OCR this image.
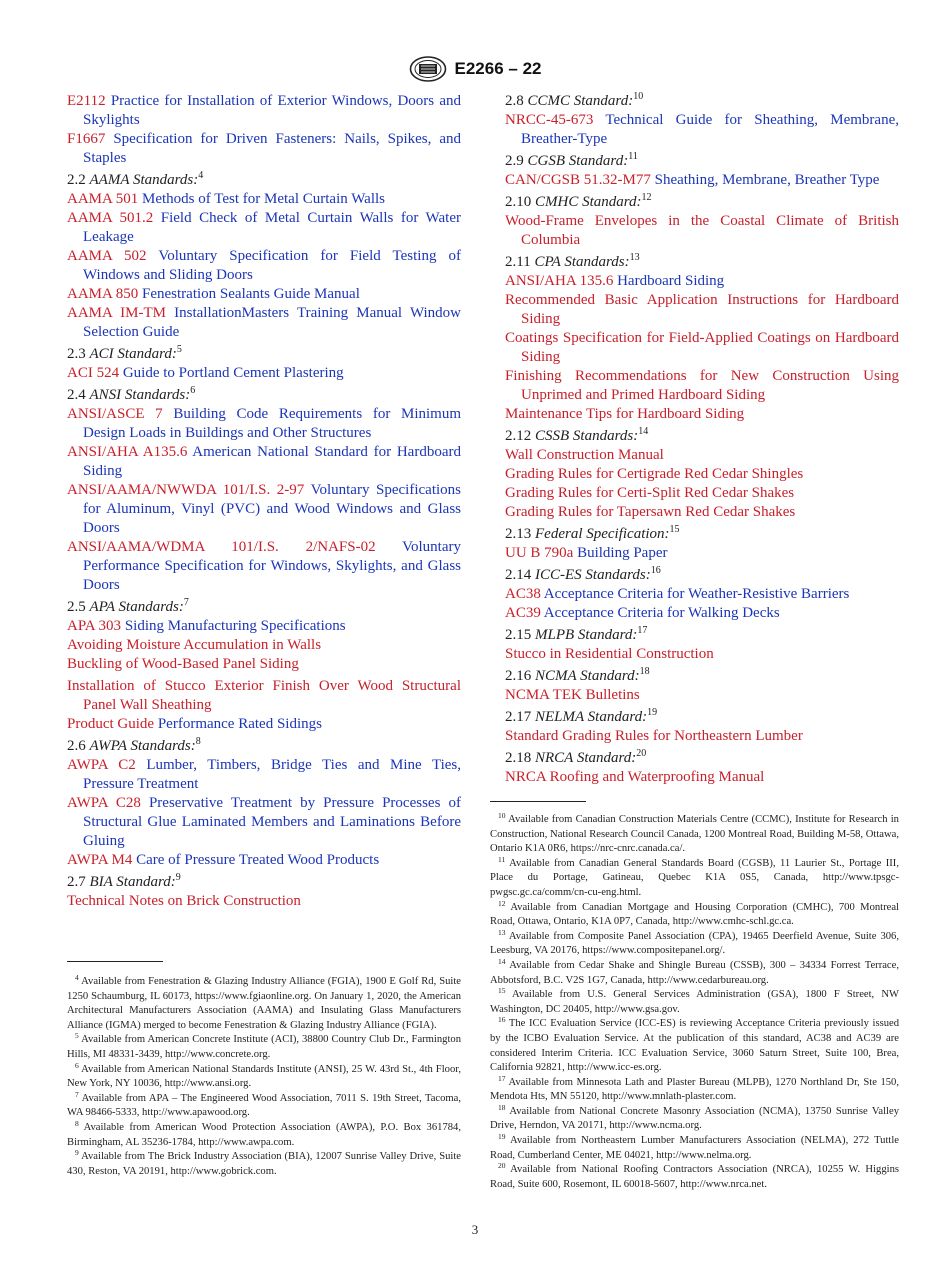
E2266 – 22
E2112 Practice for Installation of Exterior Windows, Doors and Skylights
F1667 Specification for Driven Fasteners: Nails, Spikes, and Staples
2.2 AAMA Standards:$^4$
AAMA 501 Methods of Test for Metal Curtain Walls
AAMA 501.2 Field Check of Metal Curtain Walls for Water Leakage
AAMA 502 Voluntary Specification for Field Testing of Windows and Sliding Doors
AAMA 850 Fenestration Sealants Guide Manual
AAMA IM-TM InstallationMasters Training Manual Window Selection Guide
2.3 ACI Standard:$^5$
ACI 524 Guide to Portland Cement Plastering
2.4 ANSI Standards:$^6$
ANSI/ASCE 7 Building Code Requirements for Minimum Design Loads in Buildings and Other Structures
ANSI/AHA A135.6 American National Standard for Hardboard Siding
ANSI/AAMA/NWWDA 101/I.S. 2-97 Voluntary Specifications for Aluminum, Vinyl (PVC) and Wood Windows and Glass Doors
ANSI/AAMA/WDMA 101/I.S. 2/NAFS-02 Voluntary Performance Specification for Windows, Skylights, and Glass Doors
2.5 APA Standards:$^7$
APA 303 Siding Manufacturing Specifications
Avoiding Moisture Accumulation in Walls
Buckling of Wood-Based Panel Siding
Installation of Stucco Exterior Finish Over Wood Structural Panel Wall Sheathing
Product Guide Performance Rated Sidings
2.6 AWPA Standards:$^8$
AWPA C2 Lumber, Timbers, Bridge Ties and Mine Ties, Pressure Treatment
AWPA C28 Preservative Treatment by Pressure Processes of Structural Glue Laminated Members and Laminations Before Gluing
AWPA M4 Care of Pressure Treated Wood Products
2.7 BIA Standard:$^9$
Technical Notes on Brick Construction
2.8 CCMC Standard:$^{10}$
NRCC-45-673 Technical Guide for Sheathing, Membrane, Breather-Type
2.9 CGSB Standard:$^{11}$
CAN/CGSB 51.32-M77 Sheathing, Membrane, Breather Type
2.10 CMHC Standard:$^{12}$
Wood-Frame Envelopes in the Coastal Climate of British Columbia
2.11 CPA Standards:$^{13}$
ANSI/AHA 135.6 Hardboard Siding
Recommended Basic Application Instructions for Hardboard Siding
Coatings Specification for Field-Applied Coatings on Hardboard Siding
Finishing Recommendations for New Construction Using Unprimed and Primed Hardboard Siding
Maintenance Tips for Hardboard Siding
2.12 CSSB Standards:$^{14}$
Wall Construction Manual
Grading Rules for Certigrade Red Cedar Shingles
Grading Rules for Certi-Split Red Cedar Shakes
Grading Rules for Tapersawn Red Cedar Shakes
2.13 Federal Specification:$^{15}$
UU B 790a Building Paper
2.14 ICC-ES Standards:$^{16}$
AC38 Acceptance Criteria for Weather-Resistive Barriers
AC39 Acceptance Criteria for Walking Decks
2.15 MLPB Standard:$^{17}$
Stucco in Residential Construction
2.16 NCMA Standard:$^{18}$
NCMA TEK Bulletins
2.17 NELMA Standard:$^{19}$
Standard Grading Rules for Northeastern Lumber
2.18 NRCA Standard:$^{20}$
NRCA Roofing and Waterproofing Manual

$^4$ Available from Fenestration & Glazing Industry Alliance (FGIA), 1900 E Golf Rd, Suite 1250 Schaumburg, IL 60173, https://www.fgiaonline.org. On January 1, 2020, the American Architectural Manufacturers Association (AAMA) and Insulating Glass Manufacturers Alliance (IGMA) merged to become Fenestration & Glazing Industry Alliance (FGIA).

$^5$ Available from American Concrete Institute (ACI), 38800 Country Club Dr., Farmington Hills, MI 48331-3439, http://www.concrete.org.

$^6$ Available from American National Standards Institute (ANSI), 25 W. 43rd St., 4th Floor, New York, NY 10036, http://www.ansi.org.

$^7$ Available from APA – The Engineered Wood Association, 7011 S. 19th Street, Tacoma, WA 98466-5333, http://www.apawood.org.

$^8$ Available from American Wood Protection Association (AWPA), P.O. Box 361784, Birmingham, AL 35236-1784, http://www.awpa.com.

$^9$ Available from The Brick Industry Association (BIA), 12007 Sunrise Valley Drive, Suite 430, Reston, VA 20191, http://www.gobrick.com.

$^{10}$ Available from Canadian Construction Materials Centre (CCMC), Institute for Research in Construction, National Research Council Canada, 1200 Montreal Road, Building M-58, Ottawa, Ontario K1A 0R6, https://nrc-cnrc.canada.ca/.

$^{11}$ Available from Canadian General Standards Board (CGSB), 11 Laurier St., Portage III, Place du Portage, Gatineau, Quebec K1A 0S5, Canada, http://www.tpsgc-pwgsc.gc.ca/comm/cn-cu-eng.html.

$^{12}$ Available from Canadian Mortgage and Housing Corporation (CMHC), 700 Montreal Road, Ottawa, Ontario, K1A 0P7, Canada, http://www.cmhc-schl.gc.ca.

$^{13}$ Available from Composite Panel Association (CPA), 19465 Deerfield Avenue, Suite 306, Leesburg, VA 20176, https://www.compositepanel.org/.

$^{14}$ Available from Cedar Shake and Shingle Bureau (CSSB), 300 – 34334 Forrest Terrace, Abbotsford, B.C. V2S 1G7, Canada, http://www.cedarbureau.org.

$^{15}$ Available from U.S. General Services Administration (GSA), 1800 F Street, NW Washington, DC 20405, http://www.gsa.gov.

$^{16}$ The ICC Evaluation Service (ICC-ES) is reviewing Acceptance Criteria previously issued by the ICBO Evaluation Service. At the publication of this standard, AC38 and AC39 are considered Interim Criteria. ICC Evaluation Service, 3060 Saturn Street, Suite 100, Brea, California 92821, http://www.icc-es.org.

$^{17}$ Available from Minnesota Lath and Plaster Bureau (MLPB), 1270 Northland Dr, Ste 150, Mendota Hts, MN 55120, http://www.mnlath-plaster.com.

$^{18}$ Available from National Concrete Masonry Association (NCMA), 13750 Sunrise Valley Drive, Herndon, VA 20171, http://www.ncma.org.

$^{19}$ Available from Northeastern Lumber Manufacturers Association (NELMA), 272 Tuttle Road, Cumberland Center, ME 04021, http://www.nelma.org.

$^{20}$ Available from National Roofing Contractors Association (NRCA), 10255 W. Higgins Road, Suite 600, Rosemont, IL 60018-5607, http://www.nrca.net.

3
